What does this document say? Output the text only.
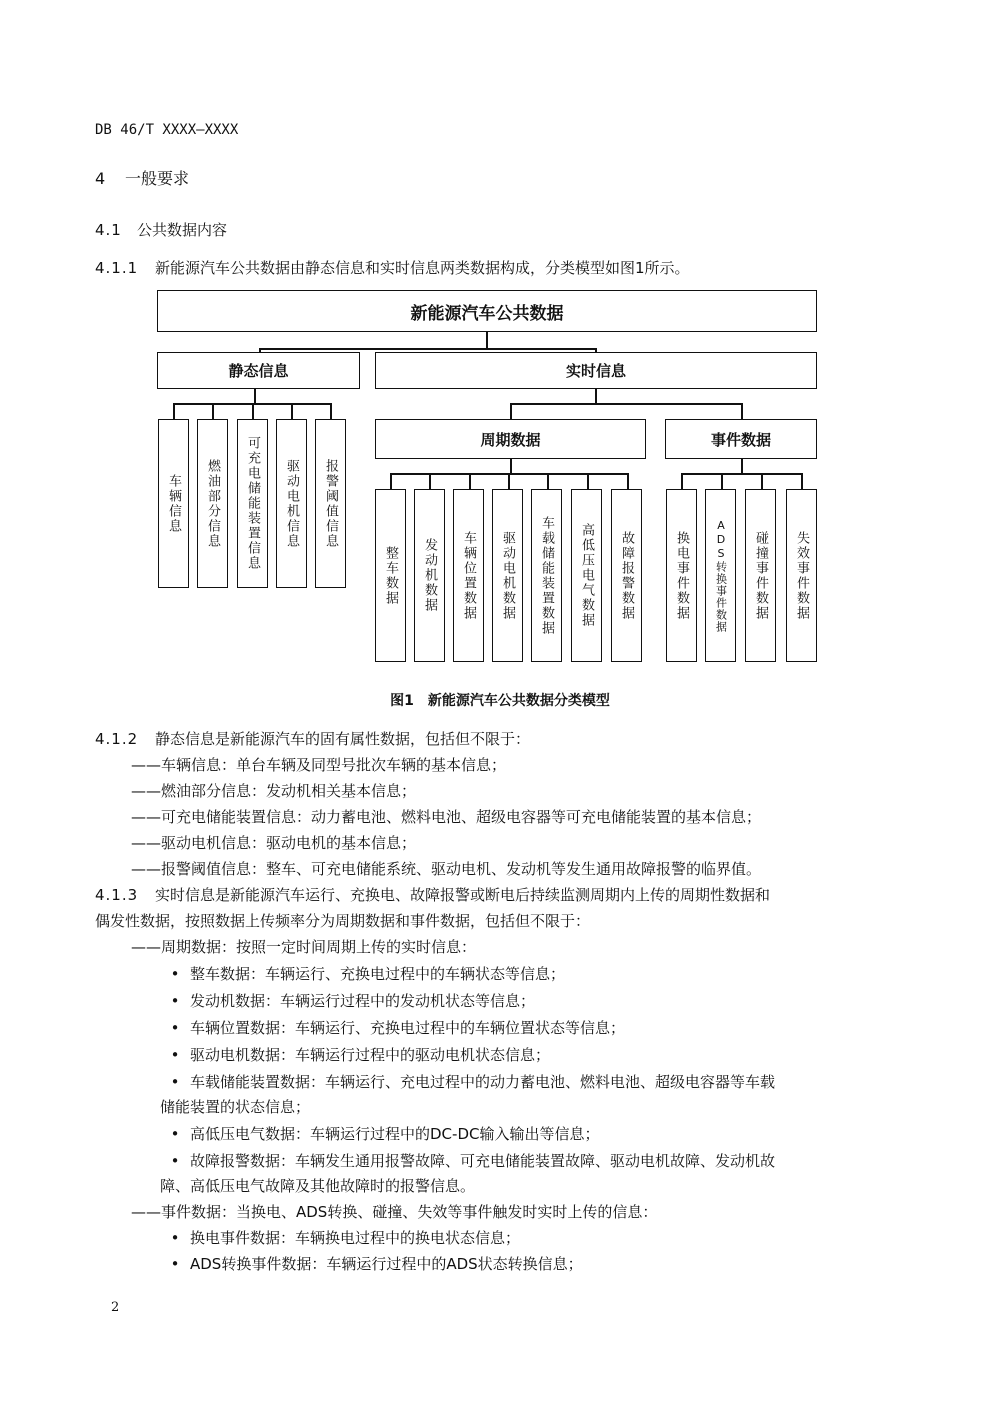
DB 46/T XXXX—XXXX
4 一般要求
4.1 公共数据内容
4.1.1 新能源汽车公共数据由静态信息和实时信息两类数据构成，分类模型如图1所示。
新能源汽车公共数据
静态信息	实时信息
车辆信息 燃油部分信息 可充电储能装置信息 驱动电机信息 报警阈值信息
周期数据	事件数据
整车数据 发动机数据 车辆位置数据 驱动电机数据 车载储能装置数据 高低压电气数据 故障报警数据	换电事件数据 ADS转换事件数据 碰撞事件数据 失效事件数据
图1　新能源汽车公共数据分类模型
4.1.2 静态信息是新能源汽车的固有属性数据，包括但不限于：
——车辆信息：单台车辆及同型号批次车辆的基本信息；
——燃油部分信息：发动机相关基本信息；
——可充电储能装置信息：动力蓄电池、燃料电池、超级电容器等可充电储能装置的基本信息；
——驱动电机信息：驱动电机的基本信息；
——报警阈值信息：整车、可充电储能系统、驱动电机、发动机等发生通用故障报警的临界值。
4.1.3 实时信息是新能源汽车运行、充换电、故障报警或断电后持续监测周期内上传的周期性数据和
偶发性数据，按照数据上传频率分为周期数据和事件数据，包括但不限于：
——周期数据：按照一定时间周期上传的实时信息：
• 整车数据：车辆运行、充换电过程中的车辆状态等信息；
• 发动机数据：车辆运行过程中的发动机状态等信息；
• 车辆位置数据：车辆运行、充换电过程中的车辆位置状态等信息；
• 驱动电机数据：车辆运行过程中的驱动电机状态信息；
• 车载储能装置数据：车辆运行、充电过程中的动力蓄电池、燃料电池、超级电容器等车载
储能装置的状态信息；
• 高低压电气数据：车辆运行过程中的DC-DC输入输出等信息；
• 故障报警数据：车辆发生通用报警故障、可充电储能装置故障、驱动电机故障、发动机故
障、高低压电气故障及其他故障时的报警信息。
——事件数据：当换电、ADS转换、碰撞、失效等事件触发时实时上传的信息：
• 换电事件数据：车辆换电过程中的换电状态信息；
• ADS转换事件数据：车辆运行过程中的ADS状态转换信息；
2
